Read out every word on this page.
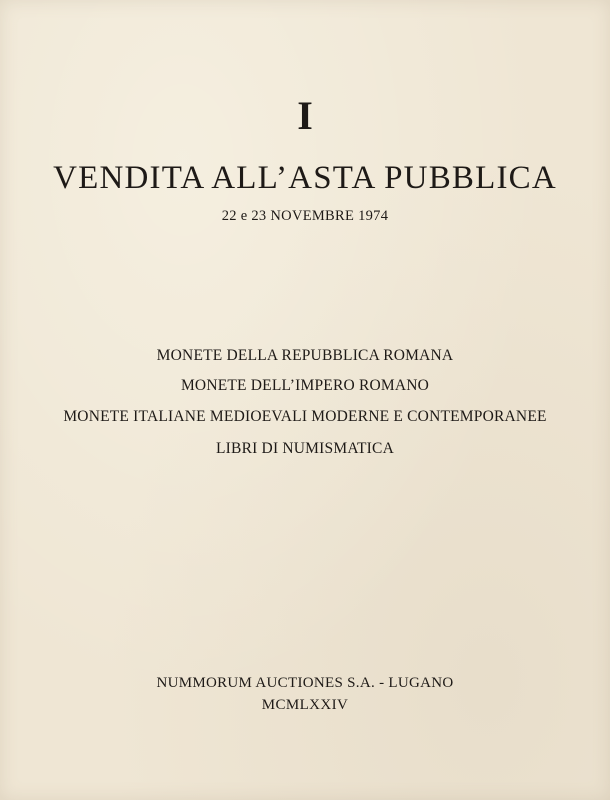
I
VENDITA ALL’ASTA PUBBLICA
22 e 23 NOVEMBRE 1974
MONETE DELLA REPUBBLICA ROMANA
MONETE DELL’IMPERO ROMANO
MONETE ITALIANE MEDIOEVALI MODERNE E CONTEMPORANEE
LIBRI DI NUMISMATICA
NUMMORUM AUCTIONES S.A. - LUGANO
MCMLXXIV
